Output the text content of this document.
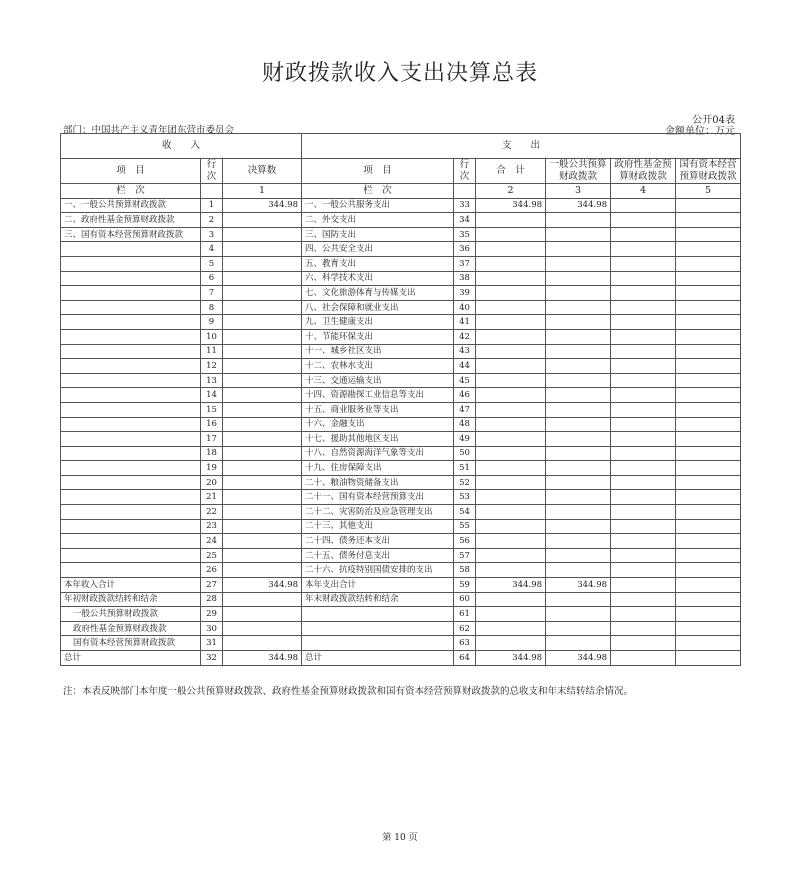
财政拨款收入支出决算总表
公开04表
部门：中国共产主义青年团东营市委员会	金额单位：万元
收　　入			支　　出					
项　目	行次	决算数	项　目	行次	合　计	一般公共预算财政拨款	政府性基金预算财政拨款	国有资本经营预算财政拨款
栏　次		1	栏　次		2	3	4	5
一、一般公共预算财政拨款	1	344.98	一、一般公共服务支出	33	344.98	344.98		
二、政府性基金预算财政拨款	2		二、外交支出	34				
三、国有资本经营预算财政拨款	3		三、国防支出	35				
	4		四、公共安全支出	36				
	5		五、教育支出	37				
	6		六、科学技术支出	38				
	7		七、文化旅游体育与传媒支出	39				
	8		八、社会保障和就业支出	40				
	9		九、卫生健康支出	41				
	10		十、节能环保支出	42				
	11		十一、城乡社区支出	43				
	12		十二、农林水支出	44				
	13		十三、交通运输支出	45				
	14		十四、资源勘探工业信息等支出	46				
	15		十五、商业服务业等支出	47				
	16		十六、金融支出	48				
	17		十七、援助其他地区支出	49				
	18		十八、自然资源海洋气象等支出	50				
	19		十九、住房保障支出	51				
	20		二十、粮油物资储备支出	52				
	21		二十一、国有资本经营预算支出	53				
	22		二十二、灾害防治及应急管理支出	54				
	23		二十三、其他支出	55				
	24		二十四、债务还本支出	56				
	25		二十五、债务付息支出	57				
	26		二十六、抗疫特别国债安排的支出	58				
本年收入合计	27	344.98	本年支出合计	59	344.98	344.98		
年初财政拨款结转和结余	28		年末财政拨款结转和结余	60				
一般公共预算财政拨款	29			61				
政府性基金预算财政拨款	30			62				
国有资本经营预算财政拨款	31			63				
总计	32	344.98	总计	64	344.98	344.98		
注：本表反映部门本年度一般公共预算财政拨款、政府性基金预算财政拨款和国有资本经营预算财政拨款的总收支和年末结转结余情况。
第 10 页
